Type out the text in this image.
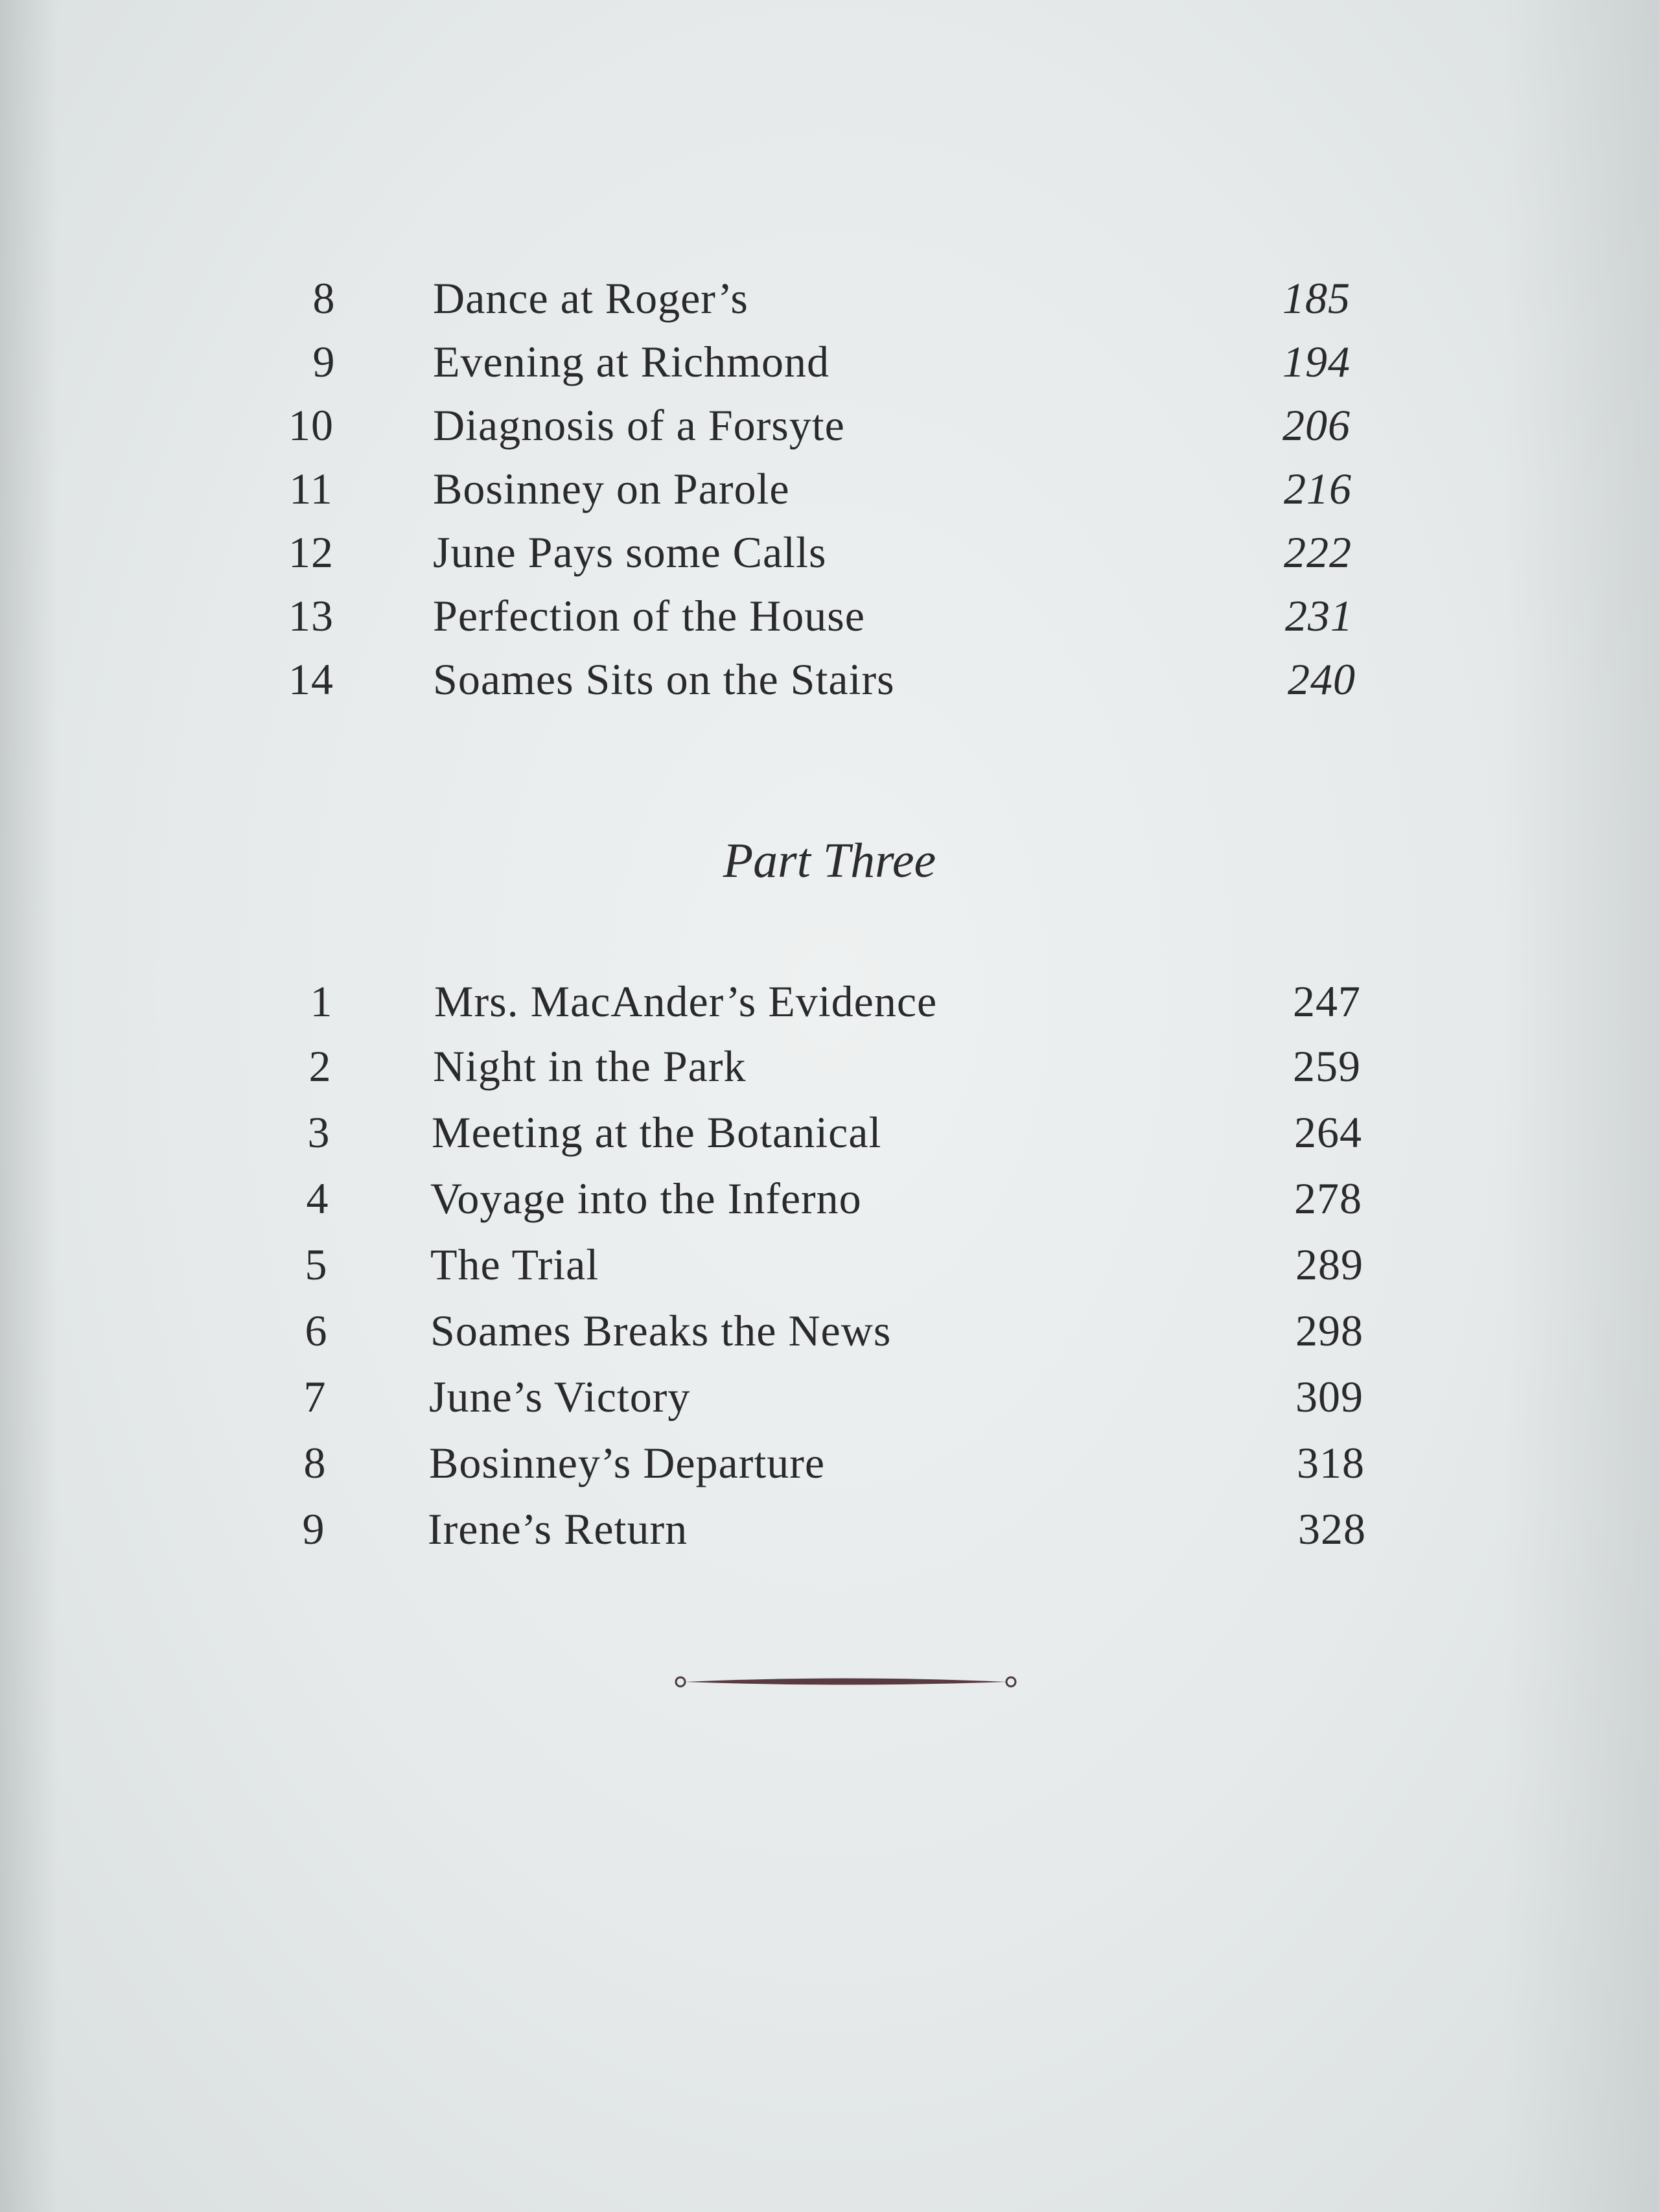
8	Dance at Roger’s	185
9	Evening at Richmond	194
10	Diagnosis of a Forsyte	206
11	Bosinney on Parole	216
12	June Pays some Calls	222
13	Perfection of the House	231
14	Soames Sits on the Stairs	240
Part Three
1	Mrs. MacAnder’s Evidence	247
2	Night in the Park	259
3	Meeting at the Botanical	264
4	Voyage into the Inferno	278
5	The Trial	289
6	Soames Breaks the News	298
7	June’s Victory	309
8	Bosinney’s Departure	318
9	Irene’s Return	328
